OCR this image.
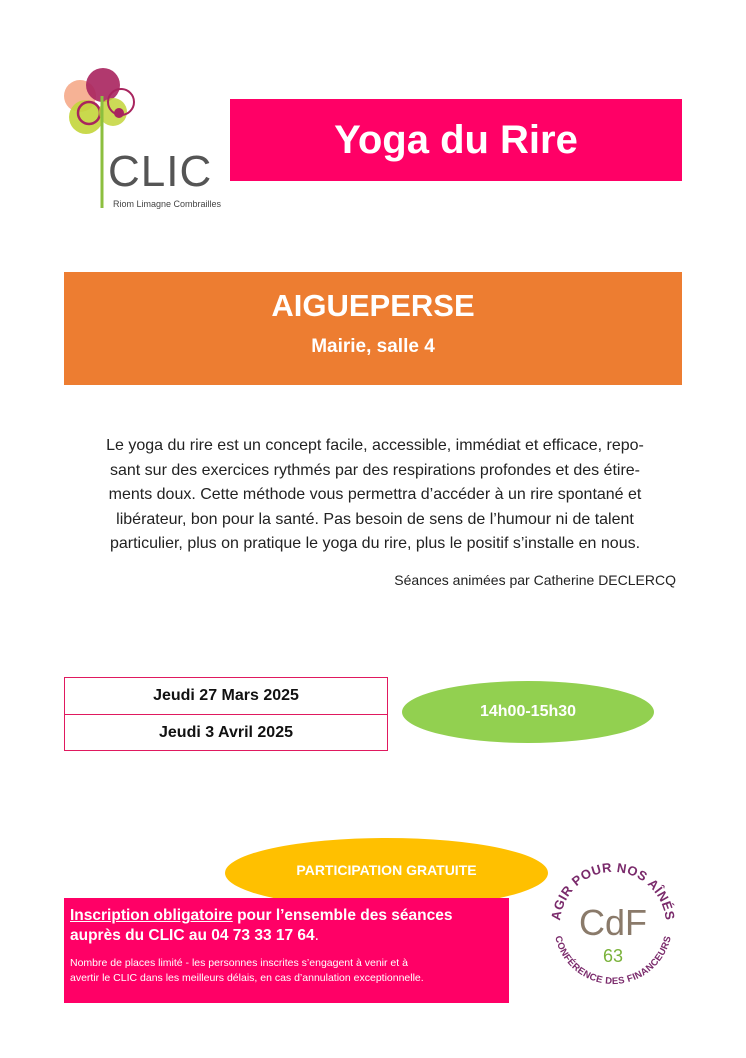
CLIC
Riom Limagne Combrailles
Yoga du Rire
AIGUEPERSE
Mairie, salle 4
Le yoga du rire est un concept facile, accessible, immédiat et efficace, repo-
sant sur des exercices rythmés par des respirations profondes et des étire-
ments doux. Cette méthode vous permettra d’accéder à un rire spontané et
libérateur, bon pour la santé. Pas besoin de sens de l’humour ni de talent
particulier, plus on pratique le yoga du rire, plus le positif s’installe en nous.
Séances animées par Catherine DECLERCQ
Jeudi 27 Mars 2025
Jeudi 3 Avril 2025
14h00-15h30
PARTICIPATION GRATUITE
Inscription obligatoire pour l’ensemble des séances
auprès du CLIC au 04 73 33 17 64.
Nombre de places limité - les personnes inscrites s’engagent à venir et à
avertir le CLIC dans les meilleurs délais, en cas d’annulation exceptionnelle.
AGIR POUR NOS AÎNÉS
CONFÉRENCE DES FINANCEURS
CdF
63
